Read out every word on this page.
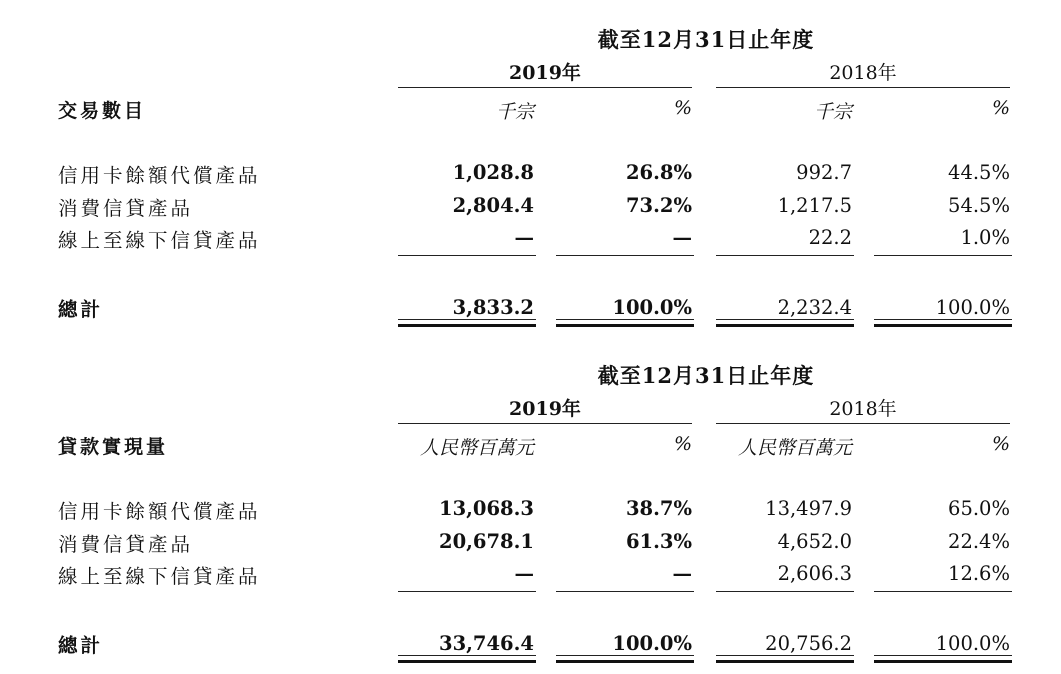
截至12月31日止年度
2019年	2018年
交易數目	千宗	%	千宗	%
信用卡餘額代償產品	1,028.8	26.8%	992.7	44.5%
消費信貸產品	2,804.4	73.2%	1,217.5	54.5%
線上至線下信貸產品	—	—	22.2	1.0%
總計	3,833.2	100.0%	2,232.4	100.0%
截至12月31日止年度
2019年	2018年
貸款實現量	人民幣百萬元	%	人民幣百萬元	%
信用卡餘額代償產品	13,068.3	38.7%	13,497.9	65.0%
消費信貸產品	20,678.1	61.3%	4,652.0	22.4%
線上至線下信貸產品	—	—	2,606.3	12.6%
總計	33,746.4	100.0%	20,756.2	100.0%
